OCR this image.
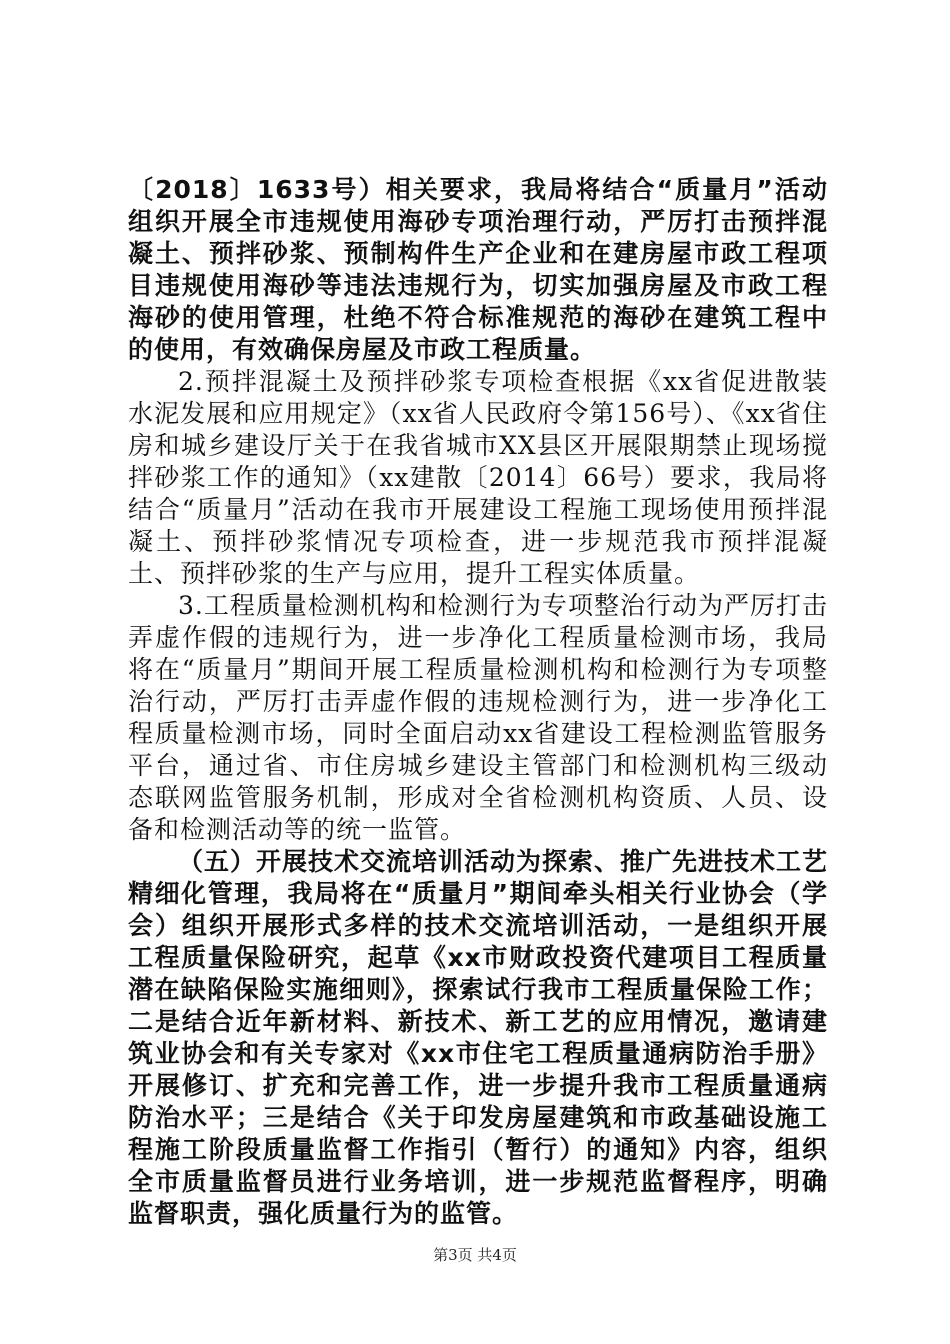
〔2018〕1633号）相关要求，我局将结合“质量月”活动组织开展全市违规使用海砂专项治理行动，严厉打击预拌混凝土、预拌砂浆、预制构件生产企业和在建房屋市政工程项目违规使用海砂等违法违规行为，切实加强房屋及市政工程海砂的使用管理，杜绝不符合标准规范的海砂在建筑工程中的使用，有效确保房屋及市政工程质量。

2.预拌混凝土及预拌砂浆专项检查根据《xx省促进散装水泥发展和应用规定》（xx省人民政府令第156号）、《xx省住房和城乡建设厅关于在我省城市XX县区开展限期禁止现场搅拌砂浆工作的通知》（xx建散〔2014〕66号）要求，我局将结合“质量月”活动在我市开展建设工程施工现场使用预拌混凝土、预拌砂浆情况专项检查，进一步规范我市预拌混凝土、预拌砂浆的生产与应用，提升工程实体质量。

3.工程质量检测机构和检测行为专项整治行动为严厉打击弄虚作假的违规行为，进一步净化工程质量检测市场，我局将在“质量月”期间开展工程质量检测机构和检测行为专项整治行动，严厉打击弄虚作假的违规检测行为，进一步净化工程质量检测市场，同时全面启动xx省建设工程检测监管服务平台，通过省、市住房城乡建设主管部门和检测机构三级动态联网监管服务机制，形成对全省检测机构资质、人员、设备和检测活动等的统一监管。

（五）开展技术交流培训活动为探索、推广先进技术工艺精细化管理，我局将在“质量月”期间牵头相关行业协会（学会）组织开展形式多样的技术交流培训活动，一是组织开展工程质量保险研究，起草《xx市财政投资代建项目工程质量潜在缺陷保险实施细则》，探索试行我市工程质量保险工作；二是结合近年新材料、新技术、新工艺的应用情况，邀请建筑业协会和有关专家对《xx市住宅工程质量通病防治手册》开展修订、扩充和完善工作，进一步提升我市工程质量通病防治水平；三是结合《关于印发房屋建筑和市政基础设施工程施工阶段质量监督工作指引（暂行）的通知》内容，组织全市质量监督员进行业务培训，进一步规范监督程序，明确监督职责，强化质量行为的监管。

第3页 共4页
